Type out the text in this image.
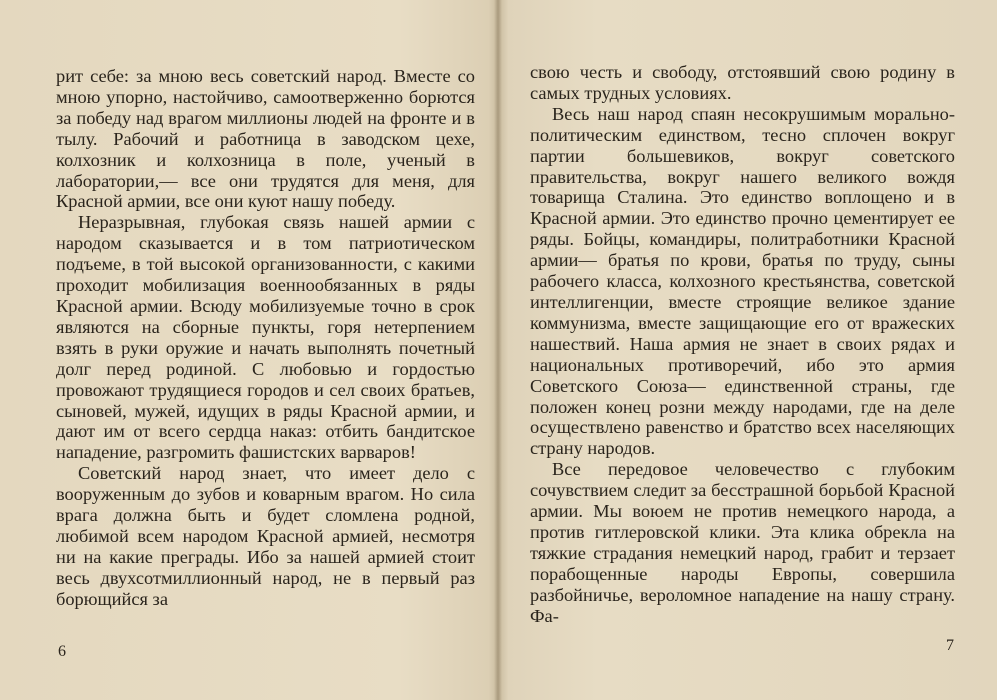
рит себе: за мною весь советский народ. Вместе со мною упорно, настойчиво, самоотверженно борются за победу над врагом миллионы людей на фронте и в тылу. Рабочий и работница в заводском цехе, колхозник и колхозница в поле, ученый в лаборатории,— все они трудятся для меня, для Красной армии, все они куют нашу победу.

Неразрывная, глубокая связь нашей армии с народом сказывается и в том патриотическом подъеме, в той высокой организованности, с какими проходит мобилизация военнообязанных в ряды Красной армии. Всюду мобилизуемые точно в срок являются на сборные пункты, горя нетерпением взять в руки оружие и начать выполнять почетный долг перед родиной. С любовью и гордостью провожают трудящиеся городов и сел своих братьев, сыновей, мужей, идущих в ряды Красной армии, и дают им от всего сердца наказ: отбить бандитское нападение, разгромить фашистских варваров!

Советский народ знает, что имеет дело с вооруженным до зубов и коварным врагом. Но сила врага должна быть и будет сломлена родной, любимой всем народом Красной армией, несмотря ни на какие преграды. Ибо за нашей армией стоит весь двухсотмиллионный народ, не в первый раз борющийся за

6

свою честь и свободу, отстоявший свою родину в самых трудных условиях.

Весь наш народ спаян несокрушимым морально-политическим единством, тесно сплочен вокруг партии большевиков, вокруг советского правительства, вокруг нашего великого вождя товарища Сталина. Это единство воплощено и в Красной армии. Это единство прочно цементирует ее ряды. Бойцы, командиры, политработники Красной армии— братья по крови, братья по труду, сыны рабочего класса, колхозного крестьянства, советской интеллигенции, вместе строящие великое здание коммунизма, вместе защищающие его от вражеских нашествий. Наша армия не знает в своих рядах и национальных противоречий, ибо это армия Советского Союза— единственной страны, где положен конец розни между народами, где на деле осуществлено равенство и братство всех населяющих страну народов.

Все передовое человечество с глубоким сочувствием следит за бесстрашной борьбой Красной армии. Мы воюем не против немецкого народа, а против гитлеровской клики. Эта клика обрекла на тяжкие страдания немецкий народ, грабит и терзает порабощенные народы Европы, совершила разбойничье, вероломное нападение на нашу страну. Фа-

7
